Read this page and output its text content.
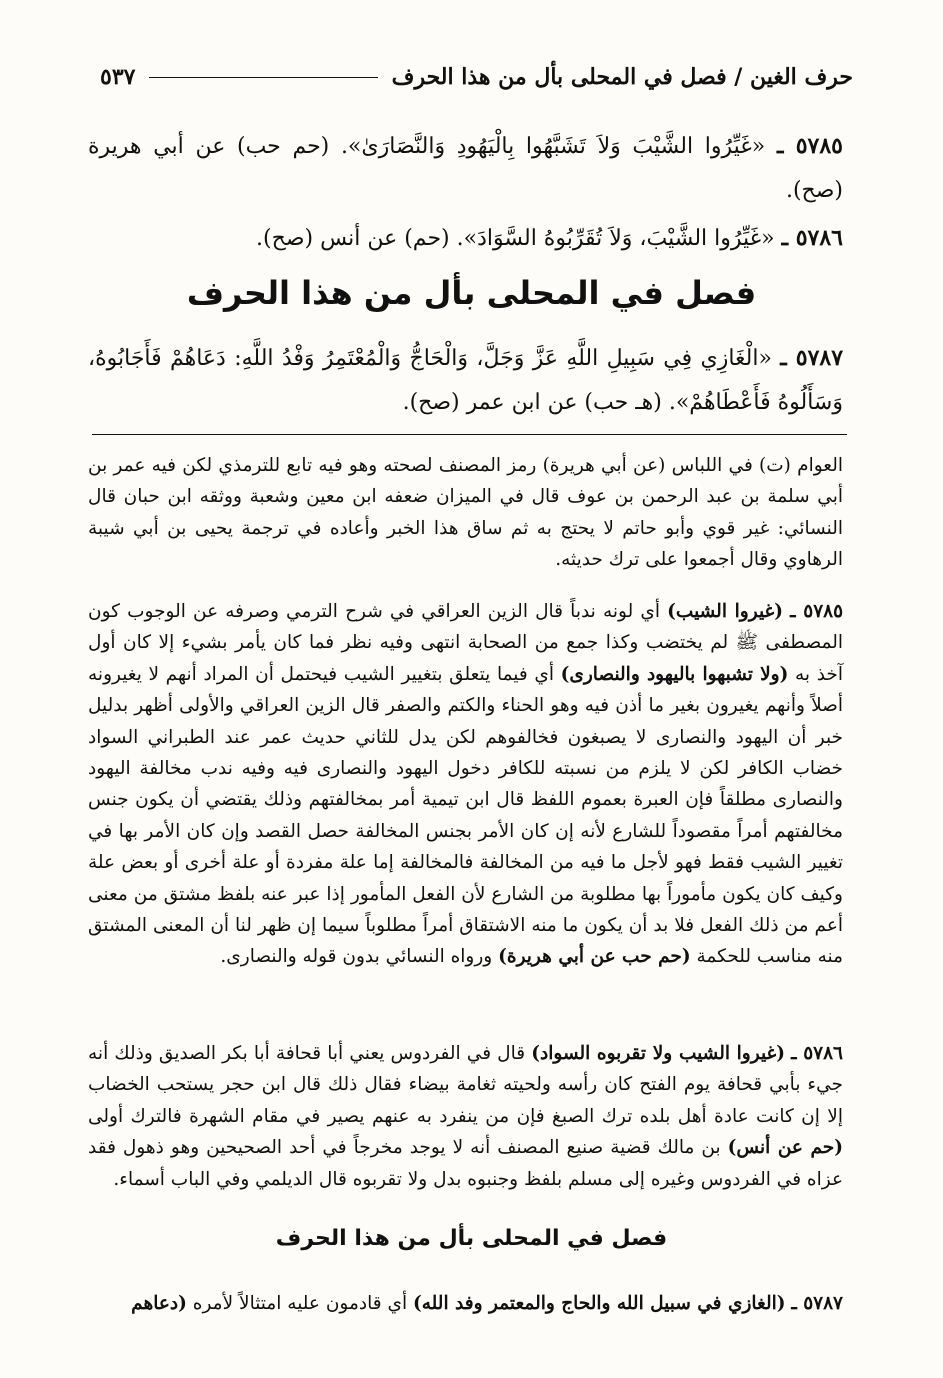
حرف الغين / فصل في المحلى بأل من هذا الحرف
٥٣٧
٥٧٨٥ ـ «غَيِّرُوا الشَّيْبَ وَلاَ تَشَبَّهُوا بِالْيَهُودِ وَالنَّصَارَىٰ». (حم حب) عن أبي هريرة (صح).
٥٧٨٦ ـ «غَيِّرُوا الشَّيْبَ، وَلاَ تُقَرِّبُوهُ السَّوَادَ». (حم) عن أنس (صح).
فصل في المحلى بأل من هذا الحرف
٥٧٨٧ ـ «الْغَازِي فِي سَبِيلِ اللَّهِ عَزَّ وَجَلَّ، وَالْحَاجُّ وَالْمُعْتَمِرُ وَفْدُ اللَّهِ: دَعَاهُمْ فَأَجَابُوهُ، وَسَأَلُوهُ فَأَعْطَاهُمْ». (هـ حب) عن ابن عمر (صح).
العوام (ت) في اللباس (عن أبي هريرة) رمز المصنف لصحته وهو فيه تابع للترمذي لكن فيه عمر بن أبي سلمة بن عبد الرحمن بن عوف قال في الميزان ضعفه ابن معين وشعبة ووثقه ابن حبان قال النسائي: غير قوي وأبو حاتم لا يحتج به ثم ساق هذا الخبر وأعاده في ترجمة يحيى بن أبي شيبة الرهاوي وقال أجمعوا على ترك حديثه.
٥٧٨٥ ـ (غيروا الشيب) أي لونه ندباً قال الزين العراقي في شرح الترمي وصرفه عن الوجوب كون المصطفى ﷺ لم يختضب وكذا جمع من الصحابة انتهى وفيه نظر فما كان يأمر بشيء إلا كان أول آخذ به (ولا تشبهوا باليهود والنصارى) أي فيما يتعلق بتغيير الشيب فيحتمل أن المراد أنهم لا يغيرونه أصلاً وأنهم يغيرون بغير ما أذن فيه وهو الحناء والكتم والصفر قال الزين العراقي والأولى أظهر بدليل خبر أن اليهود والنصارى لا يصبغون فخالفوهم لكن يدل للثاني حديث عمر عند الطبراني السواد خضاب الكافر لكن لا يلزم من نسبته للكافر دخول اليهود والنصارى فيه وفيه ندب مخالفة اليهود والنصارى مطلقاً فإن العبرة بعموم اللفظ قال ابن تيمية أمر بمخالفتهم وذلك يقتضي أن يكون جنس مخالفتهم أمراً مقصوداً للشارع لأنه إن كان الأمر بجنس المخالفة حصل القصد وإن كان الأمر بها في تغيير الشيب فقط فهو لأجل ما فيه من المخالفة فالمخالفة إما علة مفردة أو علة أخرى أو بعض علة وكيف كان يكون مأموراً بها مطلوبة من الشارع لأن الفعل المأمور إذا عبر عنه بلفظ مشتق من معنى أعم من ذلك الفعل فلا بد أن يكون ما منه الاشتقاق أمراً مطلوباً سيما إن ظهر لنا أن المعنى المشتق منه مناسب للحكمة (حم حب عن أبي هريرة) ورواه النسائي بدون قوله والنصارى.
٥٧٨٦ ـ (غيروا الشيب ولا تقربوه السواد) قال في الفردوس يعني أبا قحافة أبا بكر الصديق وذلك أنه جيء بأبي قحافة يوم الفتح كان رأسه ولحيته ثغامة بيضاء فقال ذلك قال ابن حجر يستحب الخضاب إلا إن كانت عادة أهل بلده ترك الصبغ فإن من ينفرد به عنهم يصير في مقام الشهرة فالترك أولى (حم عن أنس) بن مالك قضية صنيع المصنف أنه لا يوجد مخرجاً في أحد الصحيحين وهو ذهول فقد عزاه في الفردوس وغيره إلى مسلم بلفظ وجنبوه بدل ولا تقربوه قال الديلمي وفي الباب أسماء.
فصل في المحلى بأل من هذا الحرف
٥٧٨٧ ـ (الغازي في سبيل الله والحاج والمعتمر وفد الله) أي قادمون عليه امتثالاً لأمره (دعاهم
